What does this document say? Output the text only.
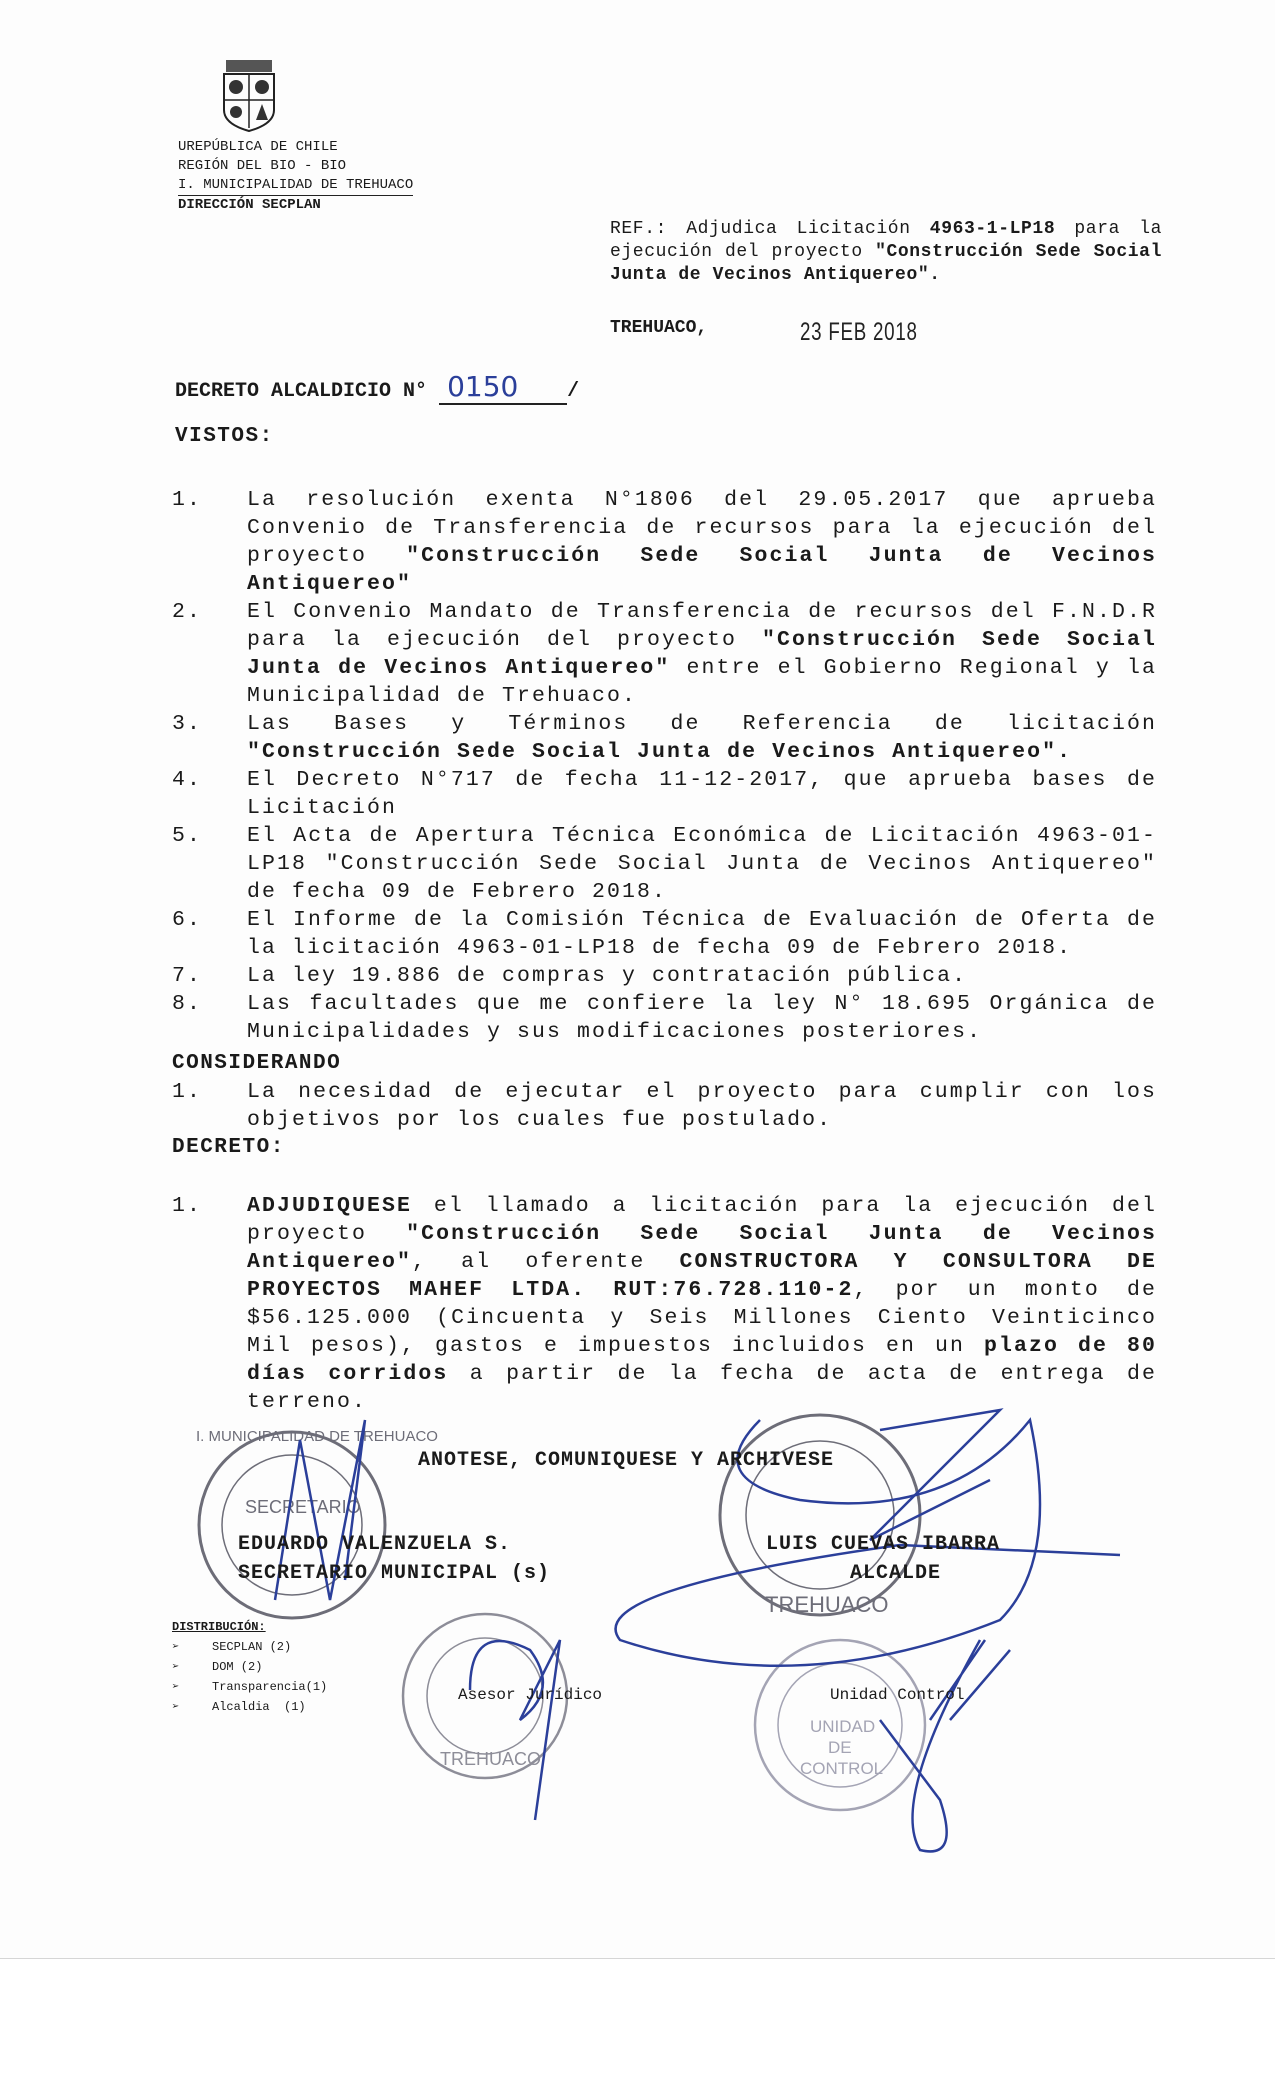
UREPÚBLICA DE CHILE
REGIÓN DEL BIO - BIO
I. MUNICIPALIDAD DE TREHUACO
DIRECCIÓN SECPLAN
REF.: Adjudica Licitación 4963-1-LP18 para la ejecución del proyecto "Construcción Sede Social Junta de Vecinos Antiquereo".
TREHUACO,	23 FEB 2018
DECRETO ALCALDICIO N° 0150 /
VISTOS:
1.	La resolución exenta N°1806 del 29.05.2017 que aprueba Convenio de Transferencia de recursos para la ejecución del proyecto "Construcción Sede Social Junta de Vecinos Antiquereo"
2.	El Convenio Mandato de Transferencia de recursos del F.N.D.R para la ejecución del proyecto "Construcción Sede Social Junta de Vecinos Antiquereo" entre el Gobierno Regional y la Municipalidad de Trehuaco.
3.	Las Bases y Términos de Referencia de licitación "Construcción Sede Social Junta de Vecinos Antiquereo".
4.	El Decreto N°717 de fecha 11-12-2017, que aprueba bases de Licitación
5.	El Acta de Apertura Técnica Económica de Licitación 4963-01-LP18 "Construcción Sede Social Junta de Vecinos Antiquereo" de fecha 09 de Febrero 2018.
6.	El Informe de la Comisión Técnica de Evaluación de Oferta de la licitación 4963-01-LP18 de fecha 09 de Febrero 2018.
7.	La ley 19.886 de compras y contratación pública.
8.	Las facultades que me confiere la ley N° 18.695 Orgánica de Municipalidades y sus modificaciones posteriores.
CONSIDERANDO
1.	La necesidad de ejecutar el proyecto para cumplir con los objetivos por los cuales fue postulado.
DECRETO:
1.	ADJUDIQUESE el llamado a licitación para la ejecución del proyecto "Construcción Sede Social Junta de Vecinos Antiquereo", al oferente CONSTRUCTORA Y CONSULTORA DE PROYECTOS MAHEF LTDA. RUT:76.728.110-2, por un monto de $56.125.000 (Cincuenta y Seis Millones Ciento Veinticinco Mil pesos), gastos e impuestos incluidos en un plazo de 80 días corridos a partir de la fecha de acta de entrega de terreno.
SECRETARIO
I. MUNICIPALIDAD DE TREHUACO
TREHUACO
TREHUACO
UNIDAD
DE
CONTROL
ANOTESE, COMUNIQUESE Y ARCHIVESE
EDUARDO VALENZUELA S.
SECRETARIO MUNICIPAL (s)
LUIS CUEVAS IBARRA
ALCALDE
DISTRIBUCIÓN:
➢	SECPLAN (2)
➢	DOM (2)
➢	Transparencia(1)
➢	Alcaldia  (1)
Asesor Jurídico	Unidad Control
